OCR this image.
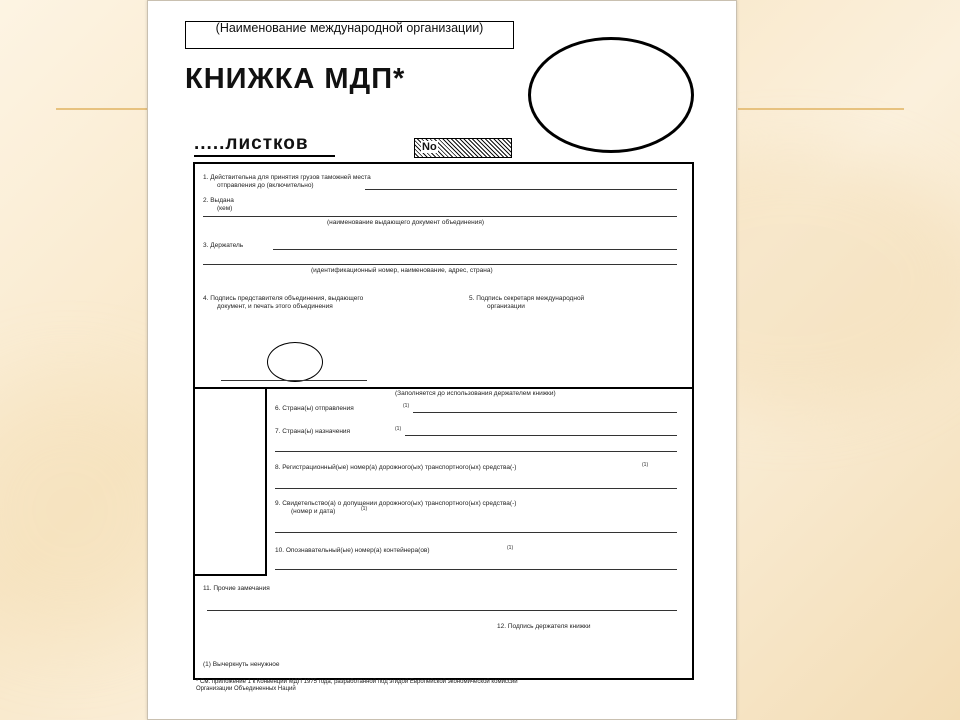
(Наименование международной организации)
КНИЖКА МДП*
.....листков	No
1. Действительна для принятия грузов таможней места
отправления до (включительно)
2. Выдана
(кем)
(наименование выдающего документ объединения)
3. Держатель
(идентификационный номер, наименование, адрес, страна)
4. Подпись представителя объединения, выдающего
документ, и печать этого объединения
5. Подпись секретаря международной
организации
(Заполняется до использования держателем книжки)
6. Страна(ы) отправления	(1)
7. Страна(ы) назначения	(1)
8. Регистрационный(ые) номер(а) дорожного(ых) транспортного(ых) средства(-)	(1)
9. Свидетельство(а) о допущении дорожного(ых) транспортного(ых) средства(-)
(номер и дата)	(1)
10. Опознавательный(ые) номер(а) контейнера(ов)	(1)
11. Прочие замечания
12. Подпись держателя книжки
(1) Вычеркнуть ненужное
* См. приложение 1 к Конвенции МДП 1975 года, разработанной под эгидой Европейской экономической комиссии
Организации Объединенных Наций
